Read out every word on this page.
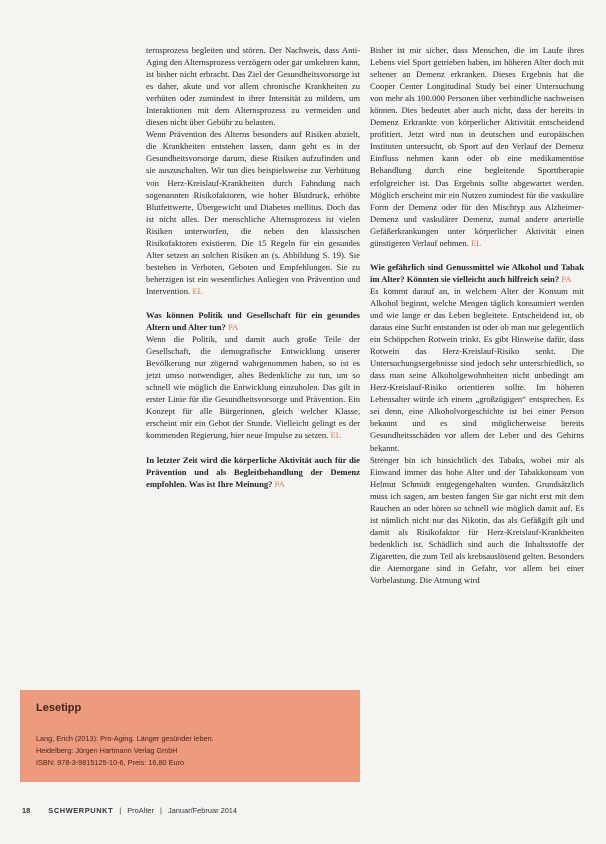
ternsprozess begleiten und stören. Der Nachweis, dass Anti-Aging den Alternsprozess verzögern oder gar umkehren kann, ist bisher nicht erbracht. Das Ziel der Gesundheitsvorsorge ist es daher, akute und vor allem chronische Krankheiten zu verhüten oder zumindest in ihrer Intensität zu mildern, um Interaktionen mit dem Alternsprozess zu vermeiden und diesen nicht über Gebühr zu belasten.

Wenn Prävention des Alterns besonders auf Risiken abzielt, die Krankheiten entstehen lassen, dann geht es in der Gesundheitsvorsorge darum, diese Risiken aufzufinden und sie auszuschalten. Wir tun dies beispielsweise zur Verhütung von Herz-Kreislauf-Krankheiten durch Fahndung nach sogenannten Risikofaktoren, wie hoher Blutdruck, erhöhte Blutfettwerte, Übergewicht und Diabetes mellitus. Doch das ist nicht alles. Der menschliche Alternsprozess ist vielen Risiken unterworfen, die neben den klassischen Risikofaktoren existieren. Die 15 Regeln für ein gesundes Alter setzen an solchen Risiken an (s. Abbildung S. 19). Sie bestehen in Verboten, Geboten und Empfehlungen. Sie zu beherzigen ist ein wesentliches Anliegen von Prävention und Intervention. EL

Was können Politik und Gesellschaft für ein gesundes Altern und Alter tun? PA

Wenn die Politik, und damit auch große Teile der Gesellschaft, die demografische Entwicklung unserer Bevölkerung nur zögernd wahrgenommen haben, so ist es jetzt umso notwendiger, altes Bedenkliche zu tun, um so schnell wie möglich die Entwicklung einzuholen. Das gilt in erster Linie für die Gesundheitsvorsorge und Prävention. Ein Konzept für alle Bürgerinnen, gleich welcher Klasse, erscheint mir ein Gebot der Stunde. Vielleicht gelingt es der kommenden Regierung, hier neue Impulse zu setzen. EL

In letzter Zeit wird die körperliche Aktivität auch für die Prävention und als Begleitbehandlung der Demenz empfohlen. Was ist Ihre Meinung? PA

Bisher ist mir sicher, dass Menschen, die im Laufe ihres Lebens viel Sport getrieben haben, im höheren Alter doch mit seltener an Demenz erkranken. Dieses Ergebnis hat die Cooper Center Longitudinal Study bei einer Untersuchung von mehr als 100.000 Personen über verbindliche nachweisen können. Dies bedeutet aber auch nicht, dass der bereits in Demenz Erkrankte von körperlicher Aktivität entscheidend profitiert. Jetzt wird nun in deutschen und europäischen Instituten untersucht, ob Sport auf den Verlauf der Demenz Einfluss nehmen kann oder ob eine medikamentöse Behandlung durch eine begleitende Sporttherapie erfolgreicher ist. Das Ergebnis sollte abgewartet werden. Möglich erscheint mir ein Nutzen zumindest für die vaskuläre Form der Demenz oder für den Mischtyp aus Alzheimer-Demenz und vaskulärer Demenz, zumal andere arterielle Gefäßerkrankungen unter körperlicher Aktivität einen günstigeren Verlauf nehmen. EL

Wie gefährlich sind Genussmittel wie Alkohol und Tabak im Alter? Könnten sie vielleicht auch hilfreich sein? PA

Es kommt darauf an, in welchem Alter der Konsum mit Alkohol beginnt, welche Mengen täglich konsumiert werden und wie lange er das Leben begleitete. Entscheidend ist, ob daraus eine Sucht entstanden ist oder ob man nur gelegentlich ein Schöppchen Rotwein trinkt. Es gibt Hinweise dafür, dass Rotwein das Herz-Kreislauf-Risiko senkt. Die Untersuchungsergebnisse sind jedoch sehr unterschiedlich, so dass man seine Alkoholgewohnheiten nicht unbedingt am Herz-Kreislauf-Risiko orientieren sollte. Im höheren Lebensalter würde ich einem „großzügigen“ entsprechen. Es sei denn, eine Alkoholvorgeschichte ist bei einer Person bekannt und es sind möglicherweise bereits Gesundheitsschäden vor allem der Leber und des Gehirns bekannt.

Strenger bin ich hinsichtlich des Tabaks, wobei mir als Einwand immer das hohe Alter und der Tabakkonsum von Helmut Schmidt entgegengehalten wurden. Grundsätzlich muss ich sagen, am besten fangen Sie gar nicht erst mit dem Rauchen an oder hören so schnell wie möglich damit auf. Es ist nämlich nicht nur das Nikotin, das als Gefäßgift gilt und damit als Risikofaktor für Herz-Kreislauf-Krankheiten bedenklich ist. Schädlich sind auch die Inhaltsstoffe der Zigaretten, die zum Teil als krebsauslösend gelten. Besonders die Atemorgane sind in Gefahr, vor allem bei einer Vorbelastung. Die Atmung wird

Lesetipp
Lang, Erich (2013): Pro-Aging. Länger gesünder leben.
Heidelberg: Jürgen Hartmann Verlag GmbH
ISBN: 978-3-9815125-10-6, Preis: 16,80 Euro
18 SCHWERPUNKT | ProAlter | Januar/Februar 2014
